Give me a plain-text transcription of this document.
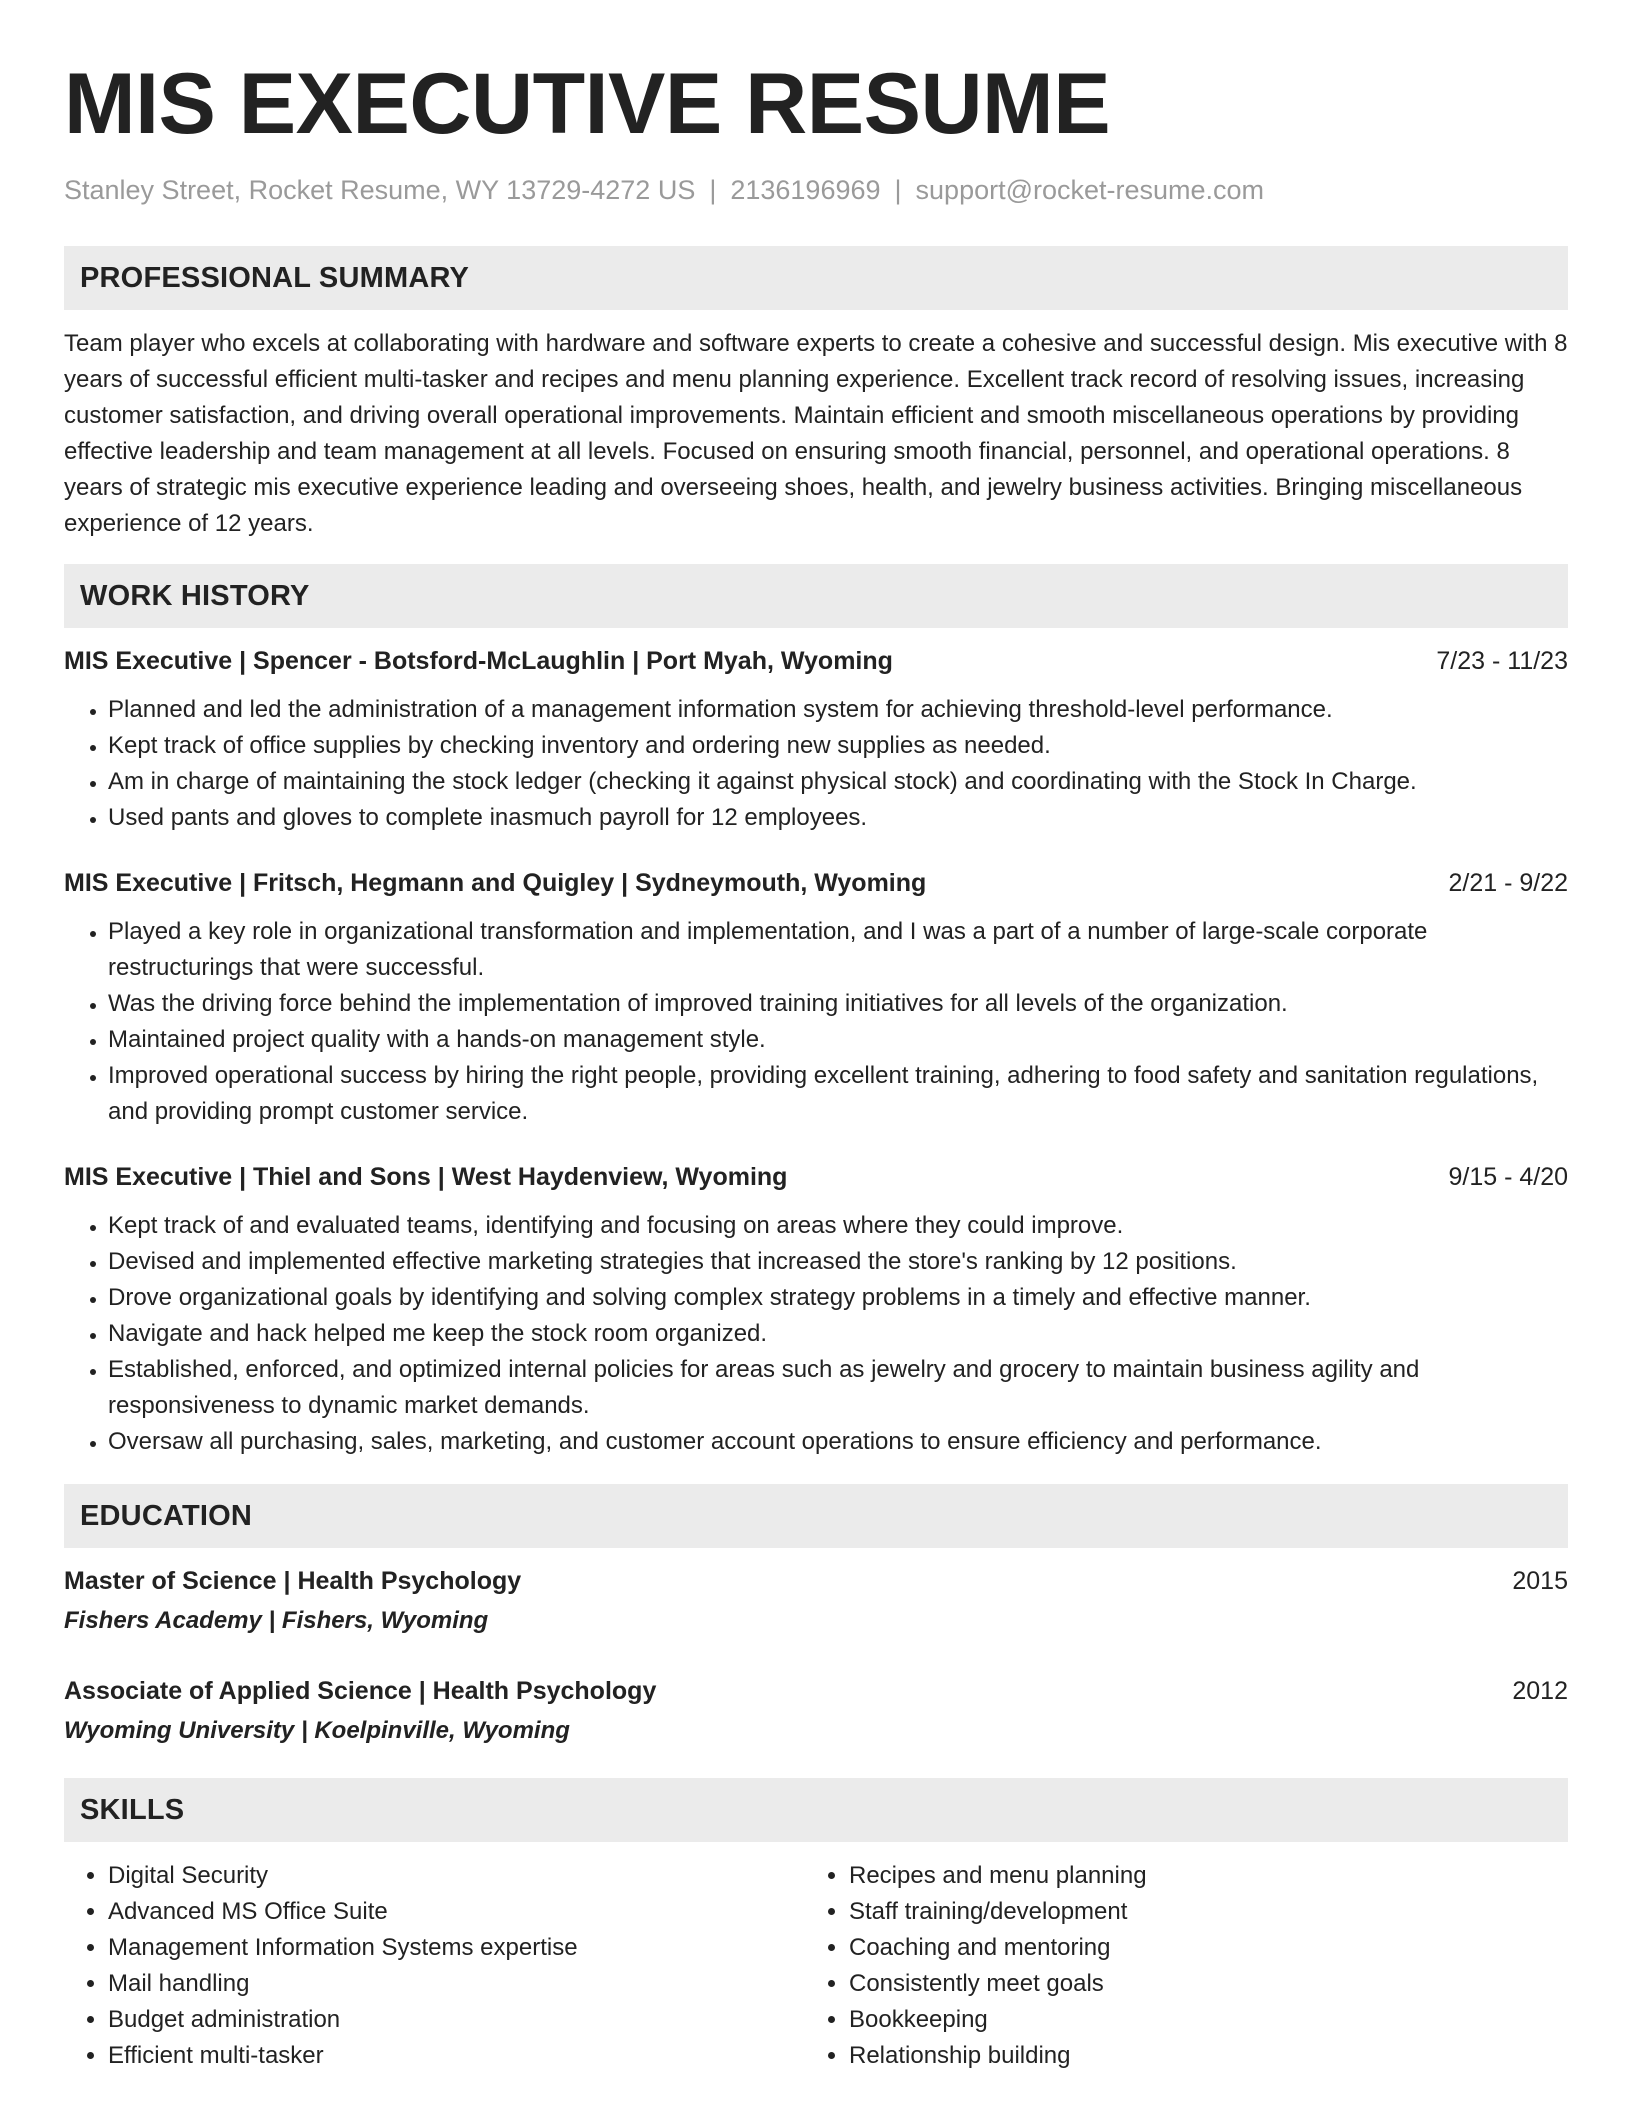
MIS EXECUTIVE RESUME
Stanley Street, Rocket Resume, WY 13729-4272 US | 2136196969 | support@rocket-resume.com
PROFESSIONAL SUMMARY
Team player who excels at collaborating with hardware and software experts to create a cohesive and successful design. Mis executive with 8 years of successful efficient multi-tasker and recipes and menu planning experience. Excellent track record of resolving issues, increasing customer satisfaction, and driving overall operational improvements. Maintain efficient and smooth miscellaneous operations by providing effective leadership and team management at all levels. Focused on ensuring smooth financial, personnel, and operational operations. 8 years of strategic mis executive experience leading and overseeing shoes, health, and jewelry business activities. Bringing miscellaneous experience of 12 years.
WORK HISTORY
MIS Executive | Spencer - Botsford-McLaughlin | Port Myah, Wyoming	7/23 - 11/23
• Planned and led the administration of a management information system for achieving threshold-level performance.
• Kept track of office supplies by checking inventory and ordering new supplies as needed.
• Am in charge of maintaining the stock ledger (checking it against physical stock) and coordinating with the Stock In Charge.
• Used pants and gloves to complete inasmuch payroll for 12 employees.
MIS Executive | Fritsch, Hegmann and Quigley | Sydneymouth, Wyoming	2/21 - 9/22
• Played a key role in organizational transformation and implementation, and I was a part of a number of large-scale corporate restructurings that were successful.
• Was the driving force behind the implementation of improved training initiatives for all levels of the organization.
• Maintained project quality with a hands-on management style.
• Improved operational success by hiring the right people, providing excellent training, adhering to food safety and sanitation regulations, and providing prompt customer service.
MIS Executive | Thiel and Sons | West Haydenview, Wyoming	9/15 - 4/20
• Kept track of and evaluated teams, identifying and focusing on areas where they could improve.
• Devised and implemented effective marketing strategies that increased the store's ranking by 12 positions.
• Drove organizational goals by identifying and solving complex strategy problems in a timely and effective manner.
• Navigate and hack helped me keep the stock room organized.
• Established, enforced, and optimized internal policies for areas such as jewelry and grocery to maintain business agility and responsiveness to dynamic market demands.
• Oversaw all purchasing, sales, marketing, and customer account operations to ensure efficiency and performance.
EDUCATION
Master of Science | Health Psychology	2015
Fishers Academy | Fishers, Wyoming
Associate of Applied Science | Health Psychology	2012
Wyoming University | Koelpinville, Wyoming
SKILLS
• Digital Security
• Advanced MS Office Suite
• Management Information Systems expertise
• Mail handling
• Budget administration
• Efficient multi-tasker
• Recipes and menu planning
• Staff training/development
• Coaching and mentoring
• Consistently meet goals
• Bookkeeping
• Relationship building
